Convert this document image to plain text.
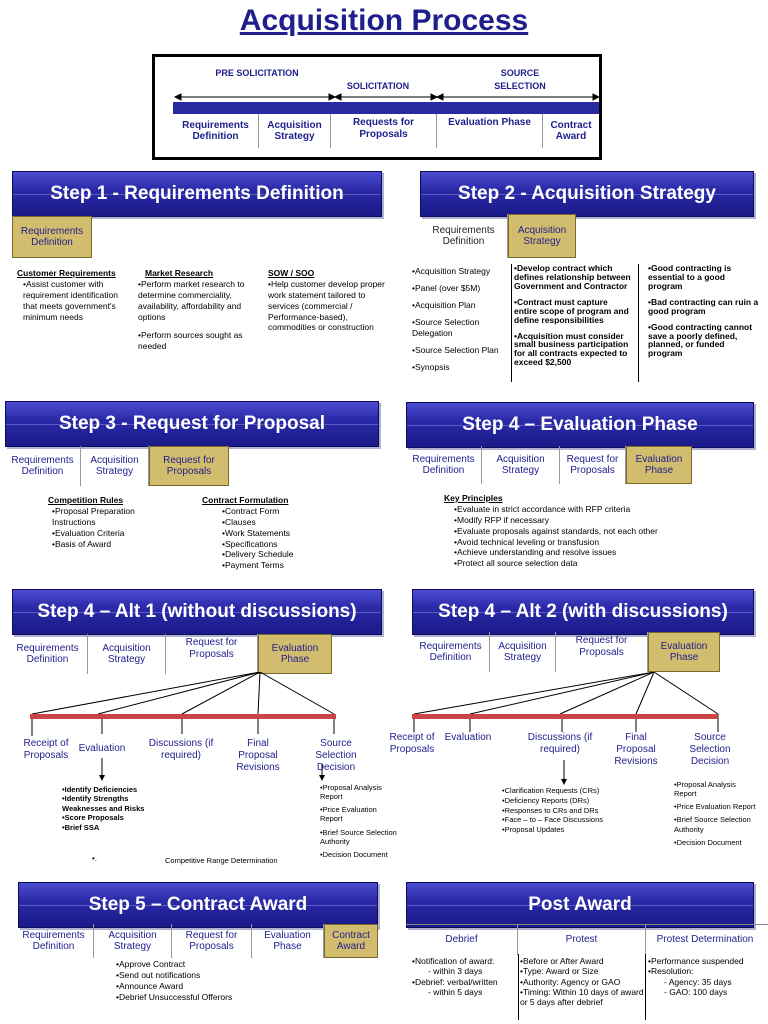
Acquisition Process
PRE SOLICITATION
SOLICITATION
SOURCE SELECTION
Requirements Definition
Acquisition Strategy
Requests for Proposals
Evaluation Phase	Contract Award
Step 1 - Requirements Definition
Requirements Definition
Customer Requirements
• Assist customer with requirement identification that meets government's minimum needs
Market Research
• Perform market research to determine commerciality, availability, affordability and options
• Perform sources sought as needed
SOW / SOO
• Help customer develop proper work statement tailored to services (commercial / Performance-based), commodities or construction
Step 2 - Acquisition Strategy
Requirements Definition
Acquisition Strategy
• Acquisition Strategy
• Panel (over $5M)
• Acquisition Plan
• Source Selection Delegation
• Source Selection Plan
• Synopsis
• Develop contract which defines relationship between Government and Contractor
• Contract must capture entire scope of program and define responsibilities
• Acquisition must consider small business participation for all contracts expected to exceed $2,500
• Good contracting is essential to a good program
• Bad contracting can ruin a good program
• Good contracting cannot save a poorly defined, planned, or funded program
Step 3 - Request for Proposal
Requirements Definition
Acquisition Strategy
Request for Proposals
Competition Rules
• Proposal Preparation Instructions
• Evaluation Criteria
• Basis of Award
Contract Formulation
• Contract Form
• Clauses
• Work Statements
• Specifications
• Delivery Schedule
• Payment Terms
Step 4 – Evaluation Phase
Requirements Definition
Acquisition Strategy
Request for Proposals
Evaluation Phase
Key Principles
• Evaluate in strict accordance with RFP criteria
• Modify RFP if necessary
• Evaluate proposals against standards, not each other
• Avoid technical leveling or transfusion
• Achieve understanding and resolve issues
• Protect all source selection data
Step 4 – Alt 1 (without discussions)
Requirements Definition
Acquisition Strategy
Request for Proposals
Evaluation Phase
Receipt of Proposals
Evaluation	Discussions (if required)
Final Proposal Revisions
Source Selection Decision
• Identify Deficiencies
• Identify Strengths Weaknesses and Risks
• Score Proposals
• Brief SSA
• Proposal Analysis Report
• Price Evaluation Report
• Brief Source Selection Authority
• Decision Document
•.	Competitive Range Determination
Step 4 – Alt 2 (with discussions)
Requirements Definition
Acquisition Strategy
Request for Proposals
Evaluation Phase
Receipt of Proposals
Evaluation	Discussions (if required)
Final Proposal Revisions
Source Selection Decision
• Clarification Requests (CRs)
• Deficiency Reports (DRs)
• Responses to CRs and DRs
• Face – to – Face Discussions
• Proposal Updates
• Proposal Analysis Report
• Price Evaluation Report
• Brief Source Selection Authority
• Decision Document
Step 5 – Contract Award
Requirements Definition
Acquisition Strategy
Request for Proposals
Evaluation Phase
Contract Award
• Approve Contract
• Send out notifications
• Announce Award
• Debrief Unsuccessful Offerors
Post Award
Debrief	Protest	Protest Determination
•Notification of award:
- within 3 days
•Debrief: verbal/written
- within 5 days
• Before or After Award
• Type: Award or Size
• Authority: Agency or GAO
• Timing: Within 10 days of award or 5 days after debrief
•Performance suspended
•Resolution:
- Agency: 35 days
- GAO: 100 days
